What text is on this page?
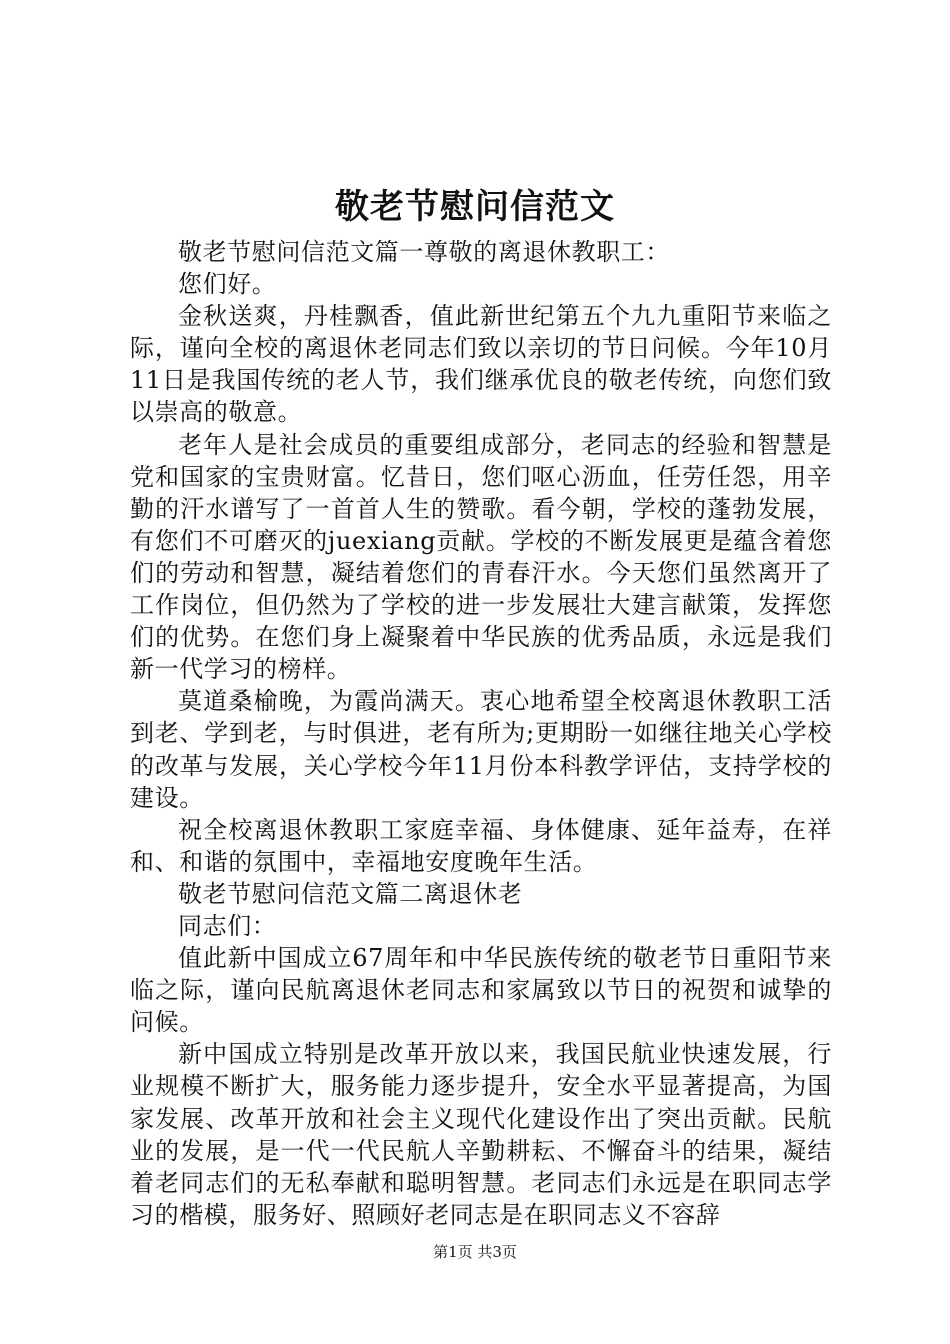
敬老节慰问信范文

敬老节慰问信范文篇一尊敬的离退休教职工：

您们好。

金秋送爽，丹桂飘香，值此新世纪第五个九九重阳节来临之际，谨向全校的离退休老同志们致以亲切的节日问候。今年10月11日是我国传统的老人节，我们继承优良的敬老传统，向您们致以崇高的敬意。

老年人是社会成员的重要组成部分，老同志的经验和智慧是党和国家的宝贵财富。忆昔日，您们呕心沥血，任劳任怨，用辛勤的汗水谱写了一首首人生的赞歌。看今朝，学校的蓬勃发展，有您们不可磨灭的juexiang贡献。学校的不断发展更是蕴含着您们的劳动和智慧，凝结着您们的青春汗水。今天您们虽然离开了工作岗位，但仍然为了学校的进一步发展壮大建言献策，发挥您们的优势。在您们身上凝聚着中华民族的优秀品质，永远是我们新一代学习的榜样。

莫道桑榆晚，为霞尚满天。衷心地希望全校离退休教职工活到老、学到老，与时俱进，老有所为;更期盼一如继往地关心学校的改革与发展，关心学校今年11月份本科教学评估，支持学校的建设。

祝全校离退休教职工家庭幸福、身体健康、延年益寿，在祥和、和谐的氛围中，幸福地安度晚年生活。

敬老节慰问信范文篇二离退休老

同志们：

值此新中国成立67周年和中华民族传统的敬老节日重阳节来临之际，谨向民航离退休老同志和家属致以节日的祝贺和诚挚的问候。

新中国成立特别是改革开放以来，我国民航业快速发展，行业规模不断扩大，服务能力逐步提升，安全水平显著提高，为国家发展、改革开放和社会主义现代化建设作出了突出贡献。民航业的发展，是一代一代民航人辛勤耕耘、不懈奋斗的结果，凝结着老同志们的无私奉献和聪明智慧。老同志们永远是在职同志学习的楷模，服务好、照顾好老同志是在职同志义不容辞

第1页 共3页
